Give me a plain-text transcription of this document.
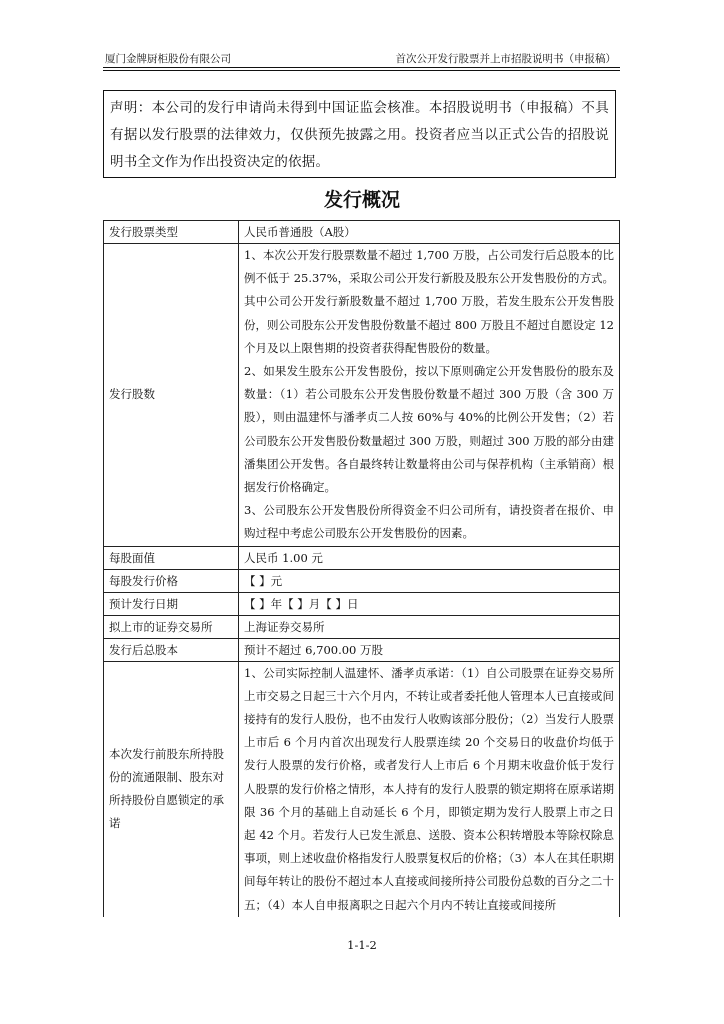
厦门金牌厨柜股份有限公司	首次公开发行股票并上市招股说明书（申报稿）
声明：本公司的发行申请尚未得到中国证监会核准。本招股说明书（申报稿）不具有据以发行股票的法律效力，仅供预先披露之用。投资者应当以正式公告的招股说明书全文作为作出投资决定的依据。
发行概况
发行股票类型	人民币普通股（A股）
发行股数	1、本次公开发行股票数量不超过 1,700 万股，占公司发行后总股本的比例不低于 25.37%，采取公司公开发行新股及股东公开发售股份的方式。其中公司公开发行新股数量不超过 1,700 万股，若发生股东公开发售股份，则公司股东公开发售股份数量不超过 800 万股且不超过自愿设定 12 个月及以上限售期的投资者获得配售股份的数量。
2、如果发生股东公开发售股份，按以下原则确定公开发售股份的股东及数量：（1）若公司股东公开发售股份数量不超过 300 万股（含 300 万股），则由温建怀与潘孝贞二人按 60%与 40%的比例公开发售；（2）若公司股东公开发售股份数量超过 300 万股，则超过 300 万股的部分由建潘集团公开发售。各自最终转让数量将由公司与保荐机构（主承销商）根据发行价格确定。
3、公司股东公开发售股份所得资金不归公司所有，请投资者在报价、申购过程中考虑公司股东公开发售股份的因素。

每股面值	人民币 1.00 元
每股发行价格	【 】元
预计发行日期	【 】年【 】月【 】日
拟上市的证券交易所	上海证券交易所
发行后总股本	预计不超过 6,700.00 万股
本次发行前股东所持股份的流通限制、股东对所持股份自愿锁定的承诺	1、公司实际控制人温建怀、潘孝贞承诺：（1）自公司股票在证券交易所上市交易之日起三十六个月内，不转让或者委托他人管理本人已直接或间接持有的发行人股份，也不由发行人收购该部分股份；（2）当发行人股票上市后 6 个月内首次出现发行人股票连续 20 个交易日的收盘价均低于发行人股票的发行价格，或者发行人上市后 6 个月期末收盘价低于发行人股票的发行价格之情形，本人持有的发行人股票的锁定期将在原承诺期限 36 个月的基础上自动延长 6 个月，即锁定期为发行人股票上市之日起 42 个月。若发行人已发生派息、送股、资本公积转增股本等除权除息事项，则上述收盘价格指发行人股票复权后的价格；（3）本人在其任职期间每年转让的股份不超过本人直接或间接所持公司股份总数的百分之二十五；（4）本人自申报离职之日起六个月内不转让直接或间接所
1-1-2
